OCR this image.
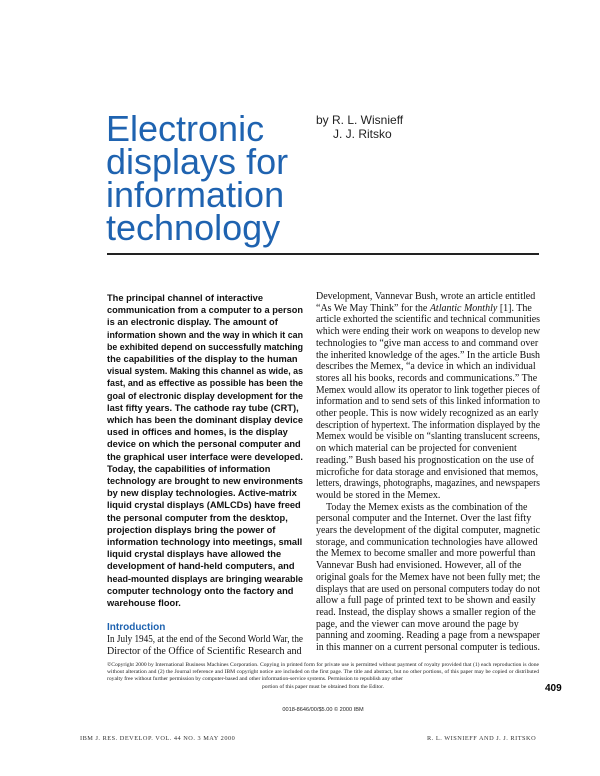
Electronic
displays for
information
technology
by R. L. Wisnieff
J. J. Ritsko
The principal channel of interactive
communication from a computer to a person
is an electronic display. The amount of
information shown and the way in which it can
be exhibited depend on successfully matching
the capabilities of the display to the human
visual system. Making this channel as wide, as
fast, and as effective as possible has been the
goal of electronic display development for the
last fifty years. The cathode ray tube (CRT),
which has been the dominant display device
used in offices and homes, is the display
device on which the personal computer and
the graphical user interface were developed.
Today, the capabilities of information
technology are brought to new environments
by new display technologies. Active-matrix
liquid crystal displays (AMLCDs) have freed
the personal computer from the desktop,
projection displays bring the power of
information technology into meetings, small
liquid crystal displays have allowed the
development of hand-held computers, and
head-mounted displays are bringing wearable
computer technology onto the factory and
warehouse floor.
Introduction
In July 1945, at the end of the Second World War, the
Director of the Office of Scientific Research and
Development, Vannevar Bush, wrote an article entitled
“As We May Think” for the Atlantic Monthly [1]. The
article exhorted the scientific and technical communities
which were ending their work on weapons to develop new
technologies to “give man access to and command over
the inherited knowledge of the ages.” In the article Bush
describes the Memex, “a device in which an individual
stores all his books, records and communications.” The
Memex would allow its operator to link together pieces of
information and to send sets of this linked information to
other people. This is now widely recognized as an early
description of hypertext. The information displayed by the
Memex would be visible on “slanting translucent screens,
on which material can be projected for convenient
reading.” Bush based his prognostication on the use of
microfiche for data storage and envisioned that memos,
letters, drawings, photographs, magazines, and newspapers
would be stored in the Memex.
Today the Memex exists as the combination of the
personal computer and the Internet. Over the last fifty
years the development of the digital computer, magnetic
storage, and communication technologies have allowed
the Memex to become smaller and more powerful than
Vannevar Bush had envisioned. However, all of the
original goals for the Memex have not been fully met; the
displays that are used on personal computers today do not
allow a full page of printed text to be shown and easily
read. Instead, the display shows a smaller region of the
page, and the viewer can move around the page by
panning and zooming. Reading a page from a newspaper
in this manner on a current personal computer is tedious.
©Copyright 2000 by International Business Machines Corporation. Copying in printed form for private use is permitted without payment of royalty provided that (1) each reproduction is done without alteration and (2) the Journal reference and IBM copyright notice are included on the first page. The title and abstract, but no other portions, of this paper may be copied or distributed royalty free without further permission by computer-based and other information-service systems. Permission to republish any other
portion of this paper must be obtained from the Editor.
0018-8646/00/$5.00 © 2000 IBM
409
IBM J. RES. DEVELOP. VOL. 44 NO. 3 MAY 2000	R. L. WISNIEFF AND J. J. RITSKO
